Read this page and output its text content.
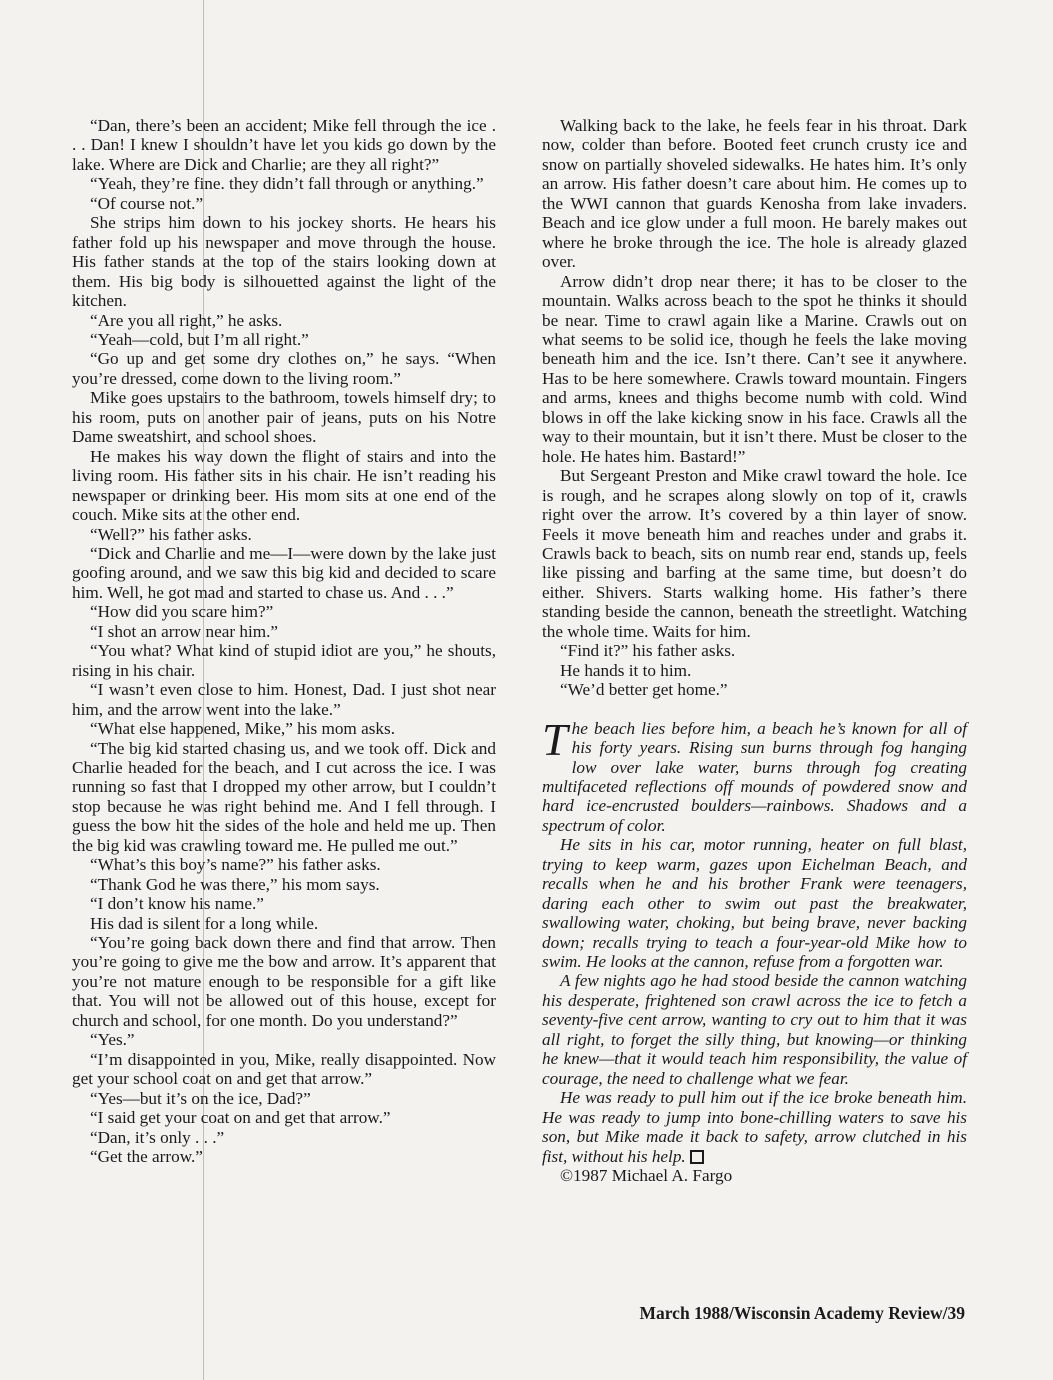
“Dan, there’s been an accident; Mike fell through the ice . . . Dan! I knew I shouldn’t have let you kids go down by the lake. Where are Dick and Charlie; are they all right?”

“Yeah, they’re fine. they didn’t fall through or anything.”

“Of course not.”

She strips him down to his jockey shorts. He hears his father fold up his newspaper and move through the house. His father stands at the top of the stairs looking down at them. His big body is silhouetted against the light of the kitchen.

“Are you all right,” he asks.

“Yeah—cold, but I’m all right.”

“Go up and get some dry clothes on,” he says. “When you’re dressed, come down to the living room.”

Mike goes upstairs to the bathroom, towels himself dry; to his room, puts on another pair of jeans, puts on his Notre Dame sweatshirt, and school shoes.

He makes his way down the flight of stairs and into the living room. His father sits in his chair. He isn’t reading his newspaper or drinking beer. His mom sits at one end of the couch. Mike sits at the other end.

“Well?” his father asks.

“Dick and Charlie and me—I—were down by the lake just goofing around, and we saw this big kid and decided to scare him. Well, he got mad and started to chase us. And . . .”

“How did you scare him?”

“I shot an arrow near him.”

“You what? What kind of stupid idiot are you,” he shouts, rising in his chair.

“I wasn’t even close to him. Honest, Dad. I just shot near him, and the arrow went into the lake.”

“What else happened, Mike,” his mom asks.

“The big kid started chasing us, and we took off. Dick and Charlie headed for the beach, and I cut across the ice. I was running so fast that I dropped my other arrow, but I couldn’t stop because he was right behind me. And I fell through. I guess the bow hit the sides of the hole and held me up. Then the big kid was crawling toward me. He pulled me out.”

“What’s this boy’s name?” his father asks.

“Thank God he was there,” his mom says.

“I don’t know his name.”

His dad is silent for a long while.

“You’re going back down there and find that arrow. Then you’re going to give me the bow and arrow. It’s apparent that you’re not mature enough to be responsible for a gift like that. You will not be allowed out of this house, except for church and school, for one month. Do you understand?”

“Yes.”

“I’m disappointed in you, Mike, really disappointed. Now get your school coat on and get that arrow.”

“Yes—but it’s on the ice, Dad?”

“I said get your coat on and get that arrow.”

“Dan, it’s only . . .”

“Get the arrow.”

Walking back to the lake, he feels fear in his throat. Dark now, colder than before. Booted feet crunch crusty ice and snow on partially shoveled sidewalks. He hates him. It’s only an arrow. His father doesn’t care about him. He comes up to the WWI cannon that guards Kenosha from lake invaders. Beach and ice glow under a full moon. He barely makes out where he broke through the ice. The hole is already glazed over.

Arrow didn’t drop near there; it has to be closer to the mountain. Walks across beach to the spot he thinks it should be near. Time to crawl again like a Marine. Crawls out on what seems to be solid ice, though he feels the lake moving beneath him and the ice. Isn’t there. Can’t see it anywhere. Has to be here somewhere. Crawls toward mountain. Fingers and arms, knees and thighs become numb with cold. Wind blows in off the lake kicking snow in his face. Crawls all the way to their mountain, but it isn’t there. Must be closer to the hole. He hates him. Bastard!”

But Sergeant Preston and Mike crawl toward the hole. Ice is rough, and he scrapes along slowly on top of it, crawls right over the arrow. It’s covered by a thin layer of snow. Feels it move beneath him and reaches under and grabs it. Crawls back to beach, sits on numb rear end, stands up, feels like pissing and barfing at the same time, but doesn’t do either. Shivers. Starts walking home. His father’s there standing beside the cannon, beneath the streetlight. Watching the whole time. Waits for him.

“Find it?” his father asks.

He hands it to him.

“We’d better get home.”

The beach lies before him, a beach he’s known for all of his forty years. Rising sun burns through fog hanging low over lake water, burns through fog creating multifaceted reflections off mounds of powdered snow and hard ice-encrusted boulders—rainbows. Shadows and a spectrum of color.

He sits in his car, motor running, heater on full blast, trying to keep warm, gazes upon Eichelman Beach, and recalls when he and his brother Frank were teenagers, daring each other to swim out past the breakwater, swallowing water, choking, but being brave, never backing down; recalls trying to teach a four-year-old Mike how to swim. He looks at the cannon, refuse from a forgotten war.

A few nights ago he had stood beside the cannon watching his desperate, frightened son crawl across the ice to fetch a seventy-five cent arrow, wanting to cry out to him that it was all right, to forget the silly thing, but knowing—or thinking he knew—that it would teach him responsibility, the value of courage, the need to challenge what we fear.

He was ready to pull him out if the ice broke beneath him. He was ready to jump into bone-chilling waters to save his son, but Mike made it back to safety, arrow clutched in his fist, without his help.

©1987 Michael A. Fargo

March 1988/Wisconsin Academy Review/39
